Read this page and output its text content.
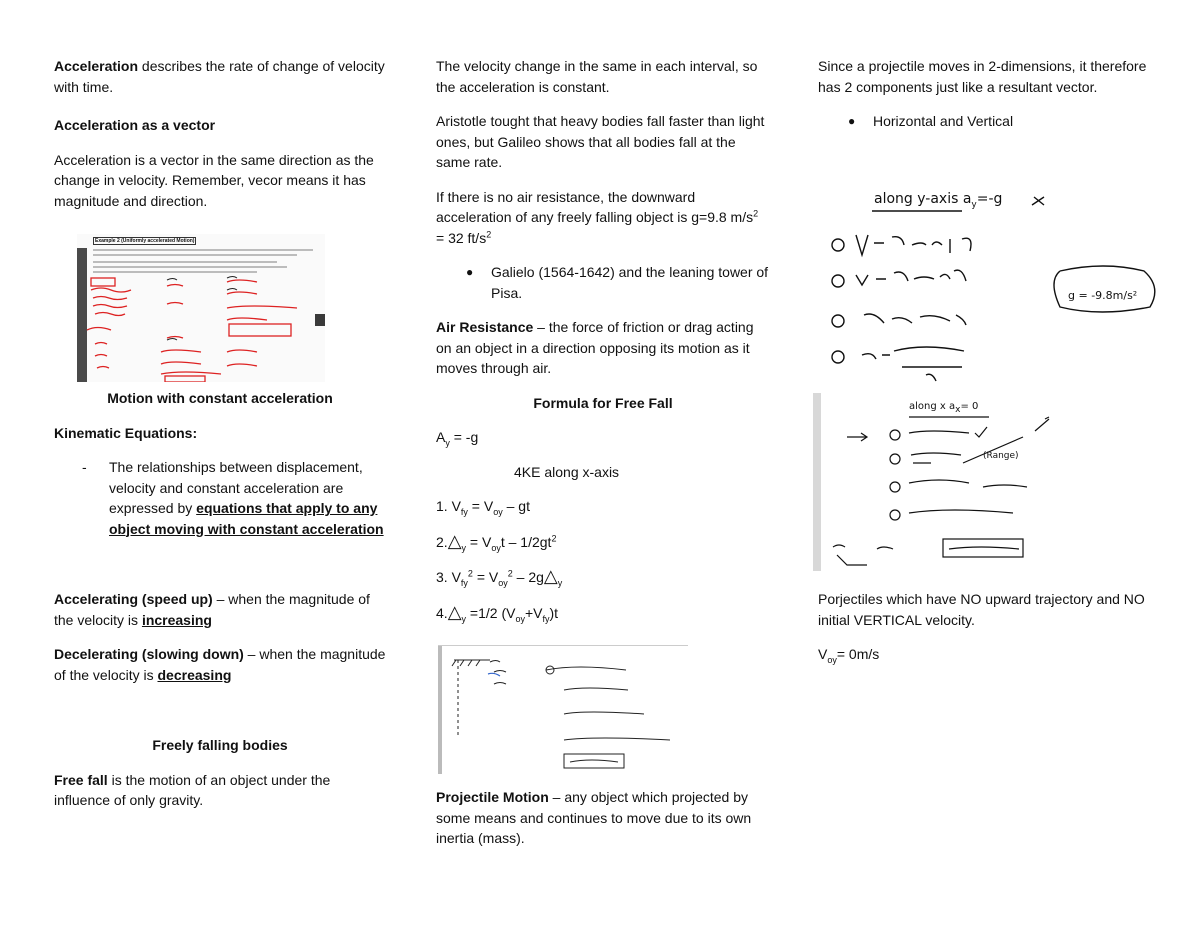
Acceleration describes the rate of change of velocity with time.

Acceleration as a vector

Acceleration is a vector in the same direction as the change in velocity. Remember, vecor means it has magnitude and direction.

Example 2 (Uniformly accelerated Motion)

Motion with constant acceleration

Kinematic Equations:

- The relationships between displacement, velocity and constant acceleration are expressed by equations that apply to any object moving with constant acceleration

Accelerating (speed up) – when the magnitude of the velocity is increasing

Decelerating (slowing down) – when the magnitude of the velocity is decreasing

Freely falling bodies

Free fall is the motion of an object under the influence of only gravity.

The velocity change in the same in each interval, so the acceleration is constant.

Aristotle tought that heavy bodies fall faster than light ones, but Galileo shows that all bodies fall at the same rate.

If there is no air resistance, the downward acceleration of any freely falling object is g=9.8 $m/s^2 = 32$ $ft/s^2$

● Galielo (1564-1642) and the leaning tower of Pisa.

Air Resistance – the force of friction or drag acting on an object in a direction opposing its motion as it moves through air.

Formula for Free Fall

$A_y = -g$

4KE along x-axis

1. $V_{fy} = V_{oy}$ – gt

$2.\triangle_y = V_{oy}t - 1/2gt^2$

3. $V_{fy}^2 = V_{oy}^2$ – $2g\triangle_y$

$4.\triangle_y =1/2$ $(V_{oy}+V_{fy})t$

Projectile Motion – any object which projected by some means and continues to move due to its own inertia (mass).

Since a projectile moves in 2-dimensions, it therefore has 2 components just like a resultant vector.

● Horizontal and Vertical

along y-axis $a_y=-g$
g = -9.8m/s²
along x $a_x= 0$
(Range)

Porjectiles which have NO upward trajectory and NO initial VERTICAL velocity.

$V_{oy}= 0m/s$
